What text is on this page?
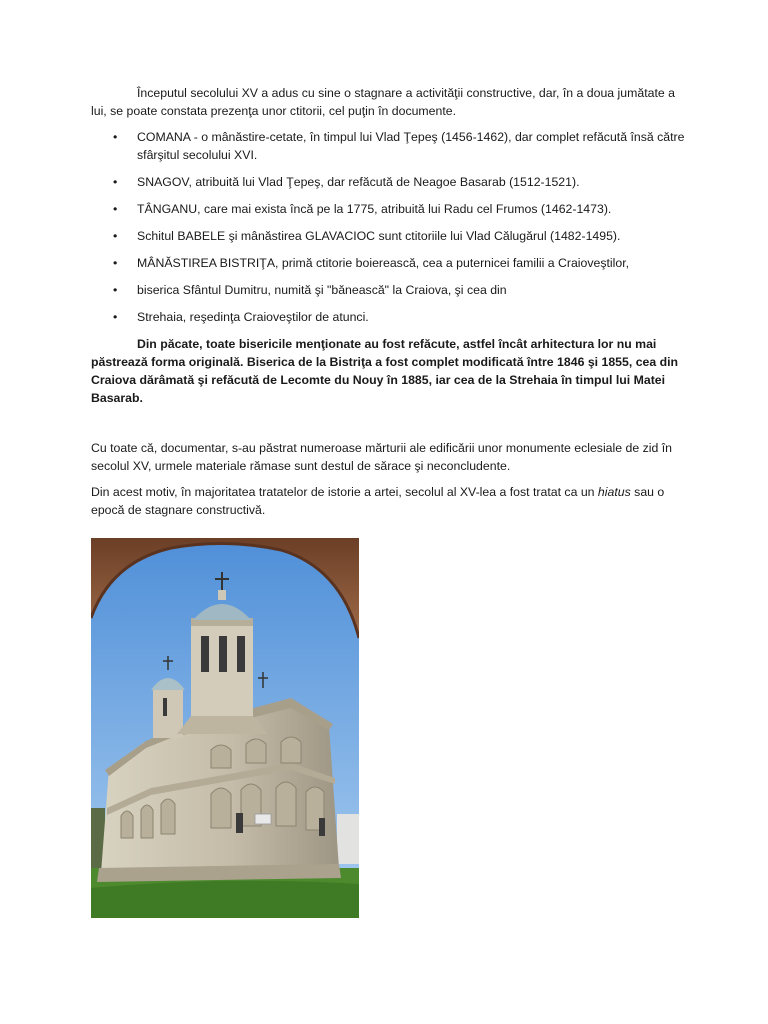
Începutul secolului XV a adus cu sine o stagnare a activităţii constructive, dar, în a doua jumătate a lui, se poate constata prezenţa unor ctitorii, cel puţin în documente.

• COMANA - o mânăstire-cetate, în timpul lui Vlad Ţepeş (1456-1462), dar complet refăcută însă către sfârşitul secolului XVI.
• SNAGOV, atribuită lui Vlad Ţepeş, dar refăcută de Neagoe Basarab (1512-1521).
• TÂNGANU, care mai exista încă pe la 1775, atribuită lui Radu cel Frumos (1462-1473).
• Schitul BABELE şi mânăstirea GLAVACIOC sunt ctitoriile lui Vlad Călugărul (1482-1495).
• MÂNĂSTIREA BISTRIŢA, primă ctitorie boierească, cea a puternicei familii a Craioveştilor,
• biserica Sfântul Dumitru, numită şi "bănească" la Craiova, şi cea din
• Strehaia, reşedinţa Craioveştilor de atunci.

Din păcate, toate bisericile menţionate au fost refăcute, astfel încât arhitectura lor nu mai păstrează forma originală. Biserica de la Bistriţa a fost complet modificată între 1846 şi 1855, cea din Craiova dărâmată şi refăcută de Lecomte du Nouy în 1885, iar cea de la Strehaia în timpul lui Matei Basarab.

Cu toate că, documentar, s-au păstrat numeroase mărturii ale edificării unor monumente eclesiale de zid în secolul XV, urmele materiale rămase sunt destul de sărace şi neconcludente.

Din acest motiv, în majoritatea tratatelor de istorie a artei, secolul al XV-lea a fost tratat ca un hiatus sau o epocă de stagnare constructivă.
